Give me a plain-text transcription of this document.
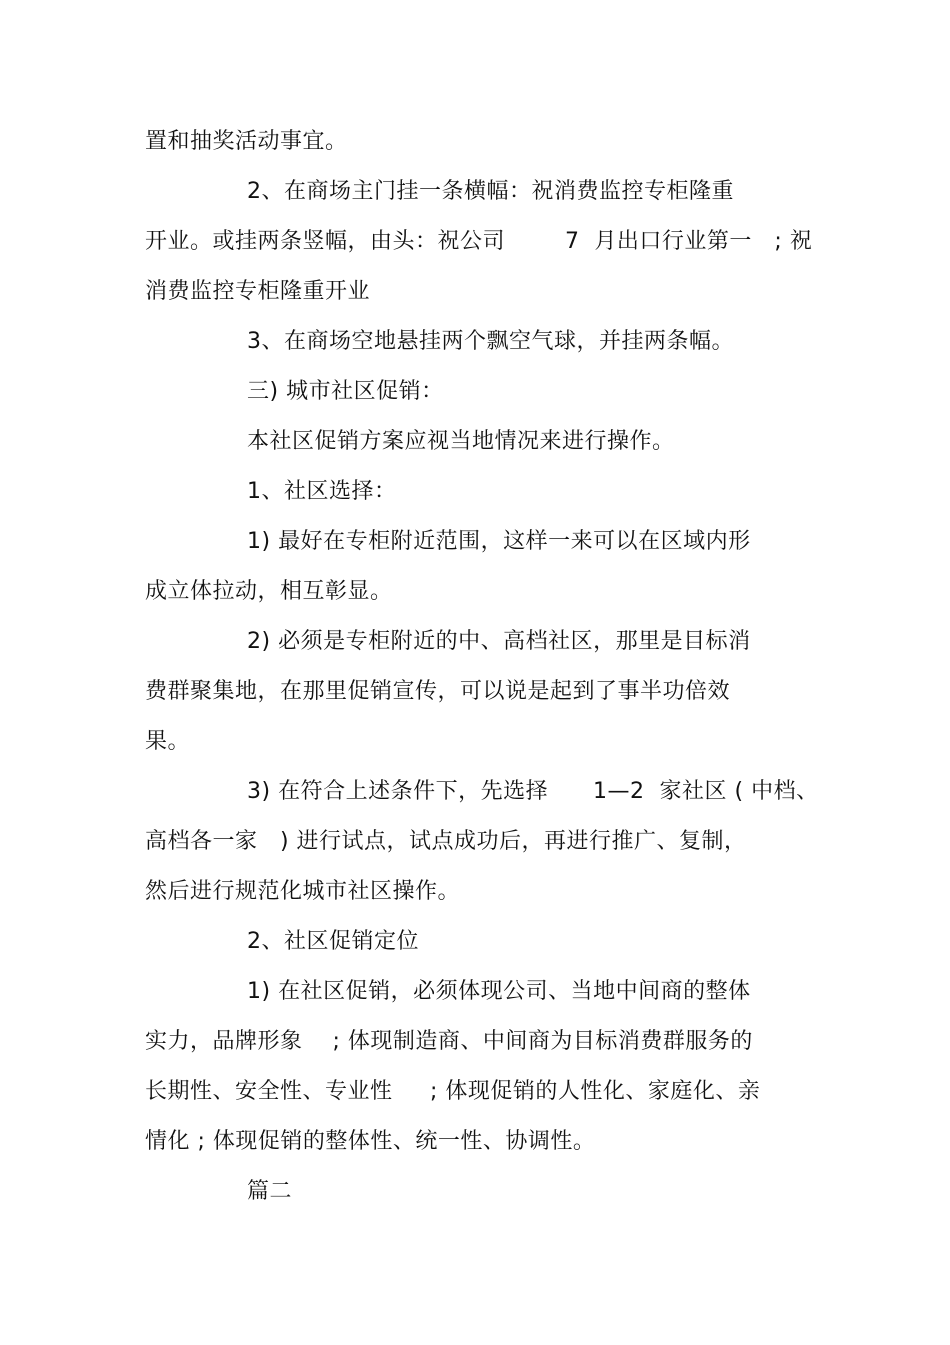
置和抽奖活动事宜。
2、在商场主门挂一条横幅：祝消费监控专柜隆重
开业。或挂两条竖幅，由头：祝公司        7  月出口行业第一   ; 祝
消费监控专柜隆重开业
3、在商场空地悬挂两个飘空气球，并挂两条幅。
三) 城市社区促销：
本社区促销方案应视当地情况来进行操作。
1、社区选择：
1) 最好在专柜附近范围，这样一来可以在区域内形
成立体拉动，相互彰显。
2) 必须是专柜附近的中、高档社区，那里是目标消
费群聚集地，在那里促销宣传，可以说是起到了事半功倍效
果。
3) 在符合上述条件下，先选择      1—2  家社区 ( 中档、
高档各一家   ) 进行试点，试点成功后，再进行推广、复制，
然后进行规范化城市社区操作。
2、社区促销定位
1) 在社区促销，必须体现公司、当地中间商的整体
实力，品牌形象    ; 体现制造商、中间商为目标消费群服务的
长期性、安全性、专业性     ; 体现促销的人性化、家庭化、亲
情化 ; 体现促销的整体性、统一性、协调性。
篇二
